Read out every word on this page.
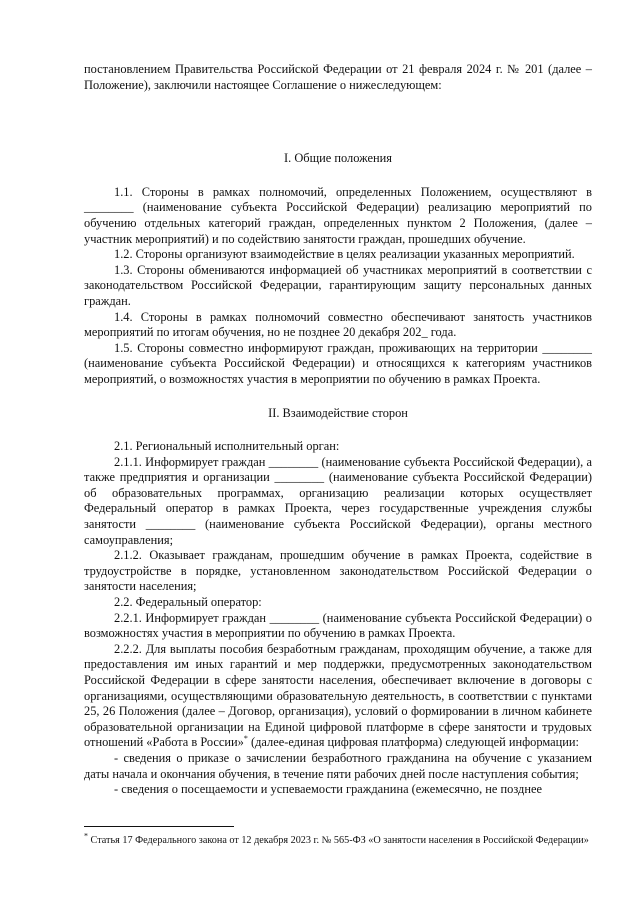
постановлением Правительства Российской Федерации от 21 февраля 2024 г. № 201 (далее – Положение), заключили настоящее Соглашение о нижеследующем:

I. Общие положения

1.1. Стороны в рамках полномочий, определенных Положением, осуществляют в ________ (наименование субъекта Российской Федерации) реализацию мероприятий по обучению отдельных категорий граждан, определенных пунктом 2 Положения, (далее – участник мероприятий) и по содействию занятости граждан, прошедших обучение.

1.2. Стороны организуют взаимодействие в целях реализации указанных мероприятий.

1.3. Стороны обмениваются информацией об участниках мероприятий в соответствии с законодательством Российской Федерации, гарантирующим защиту персональных данных граждан.

1.4. Стороны в рамках полномочий совместно обеспечивают занятость участников мероприятий по итогам обучения, но не позднее 20 декабря 202_ года.

1.5. Стороны совместно информируют граждан, проживающих на территории ________ (наименование субъекта Российской Федерации) и относящихся к категориям участников мероприятий, о возможностях участия в мероприятии по обучению в рамках Проекта.

II. Взаимодействие сторон

2.1. Региональный исполнительный орган:

2.1.1. Информирует граждан ________ (наименование субъекта Российской Федерации), а также предприятия и организации ________ (наименование субъекта Российской Федерации) об образовательных программах, организацию реализации которых осуществляет Федеральный оператор в рамках Проекта, через государственные учреждения службы занятости ________ (наименование субъекта Российской Федерации), органы местного самоуправления;

2.1.2. Оказывает гражданам, прошедшим обучение в рамках Проекта, содействие в трудоустройстве в порядке, установленном законодательством Российской Федерации о занятости населения;

2.2. Федеральный оператор:

2.2.1. Информирует граждан ________ (наименование субъекта Российской Федерации) о возможностях участия в мероприятии по обучению в рамках Проекта.

2.2.2. Для выплаты пособия безработным гражданам, проходящим обучение, а также для предоставления им иных гарантий и мер поддержки, предусмотренных законодательством Российской Федерации в сфере занятости населения, обеспечивает включение в договоры с организациями, осуществляющими образовательную деятельность, в соответствии с пунктами 25, 26 Положения (далее – Договор, организация), условий о формировании в личном кабинете образовательной организации на Единой цифровой платформе в сфере занятости и трудовых отношений «Работа в России»* (далее-единая цифровая платформа) следующей информации:

- сведения о приказе о зачислении безработного гражданина на обучение с указанием даты начала и окончания обучения, в течение пяти рабочих дней после наступления события;

- сведения о посещаемости и успеваемости гражданина (ежемесячно, не позднее

* Статья 17 Федерального закона от 12 декабря 2023 г. № 565-ФЗ «О занятости населения в Российской Федерации»
